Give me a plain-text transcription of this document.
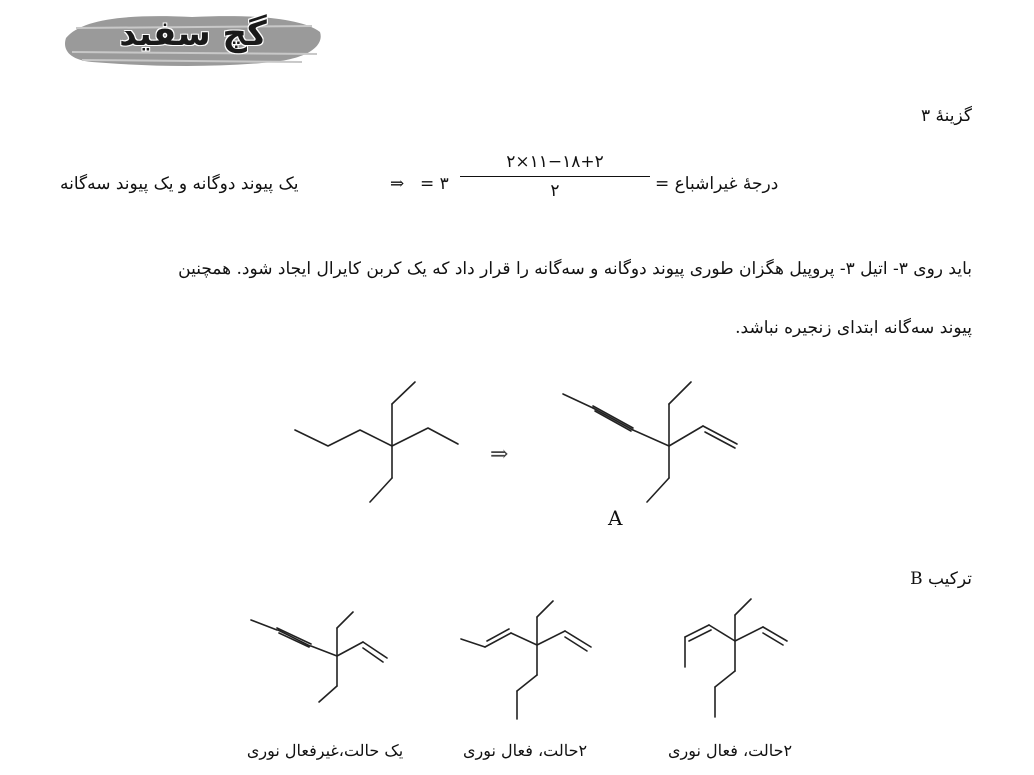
گچ سفید
گزینهٔ ۳
یک پیوند دوگانه و یک پیوند سه‌گانه	⇒ = ۳
۲×۱۱−۱۸+۲
۲	درجهٔ غیراشباع =
باید روی ۳- اتیل ۳- پروپیل هگزان طوری پیوند دوگانه و سه‌گانه را قرار داد که یک کربن کایرال ایجاد شود. همچنین
پیوند سه‌گانه ابتدای زنجیره نباشد.
⇒
A
ترکیب B
۲حالت، فعال نوری
۲حالت، فعال نوری
یک حالت،غیرفعال نوری
